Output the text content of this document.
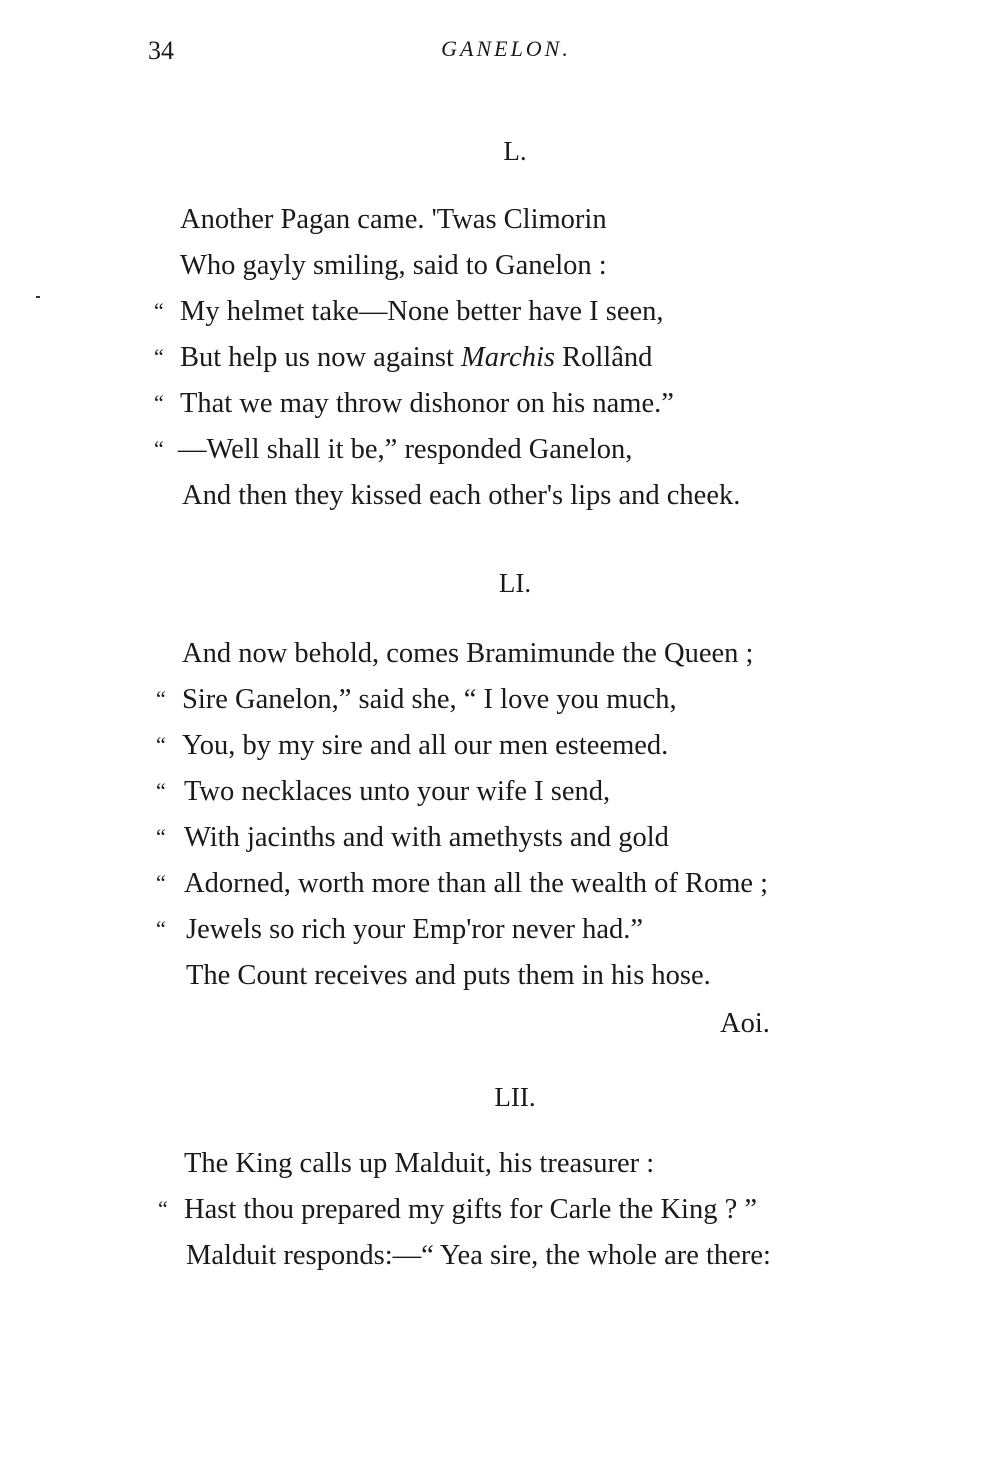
34	GANELON.
L.
Another Pagan came. 'Twas Climorin
Who gayly smiling, said to Ganelon :
“ My helmet take—None better have I seen,
“ But help us now against Marchis Rollând
“ That we may throw dishonor on his name.”
“ —Well shall it be,” responded Ganelon,
And then they kissed each other's lips and cheek.
LI.
And now behold, comes Bramimunde the Queen ;
“ Sire Ganelon,” said she, “ I love you much,
“ You, by my sire and all our men esteemed.
“ Two necklaces unto your wife I send,
“ With jacinths and with amethysts and gold
“ Adorned, worth more than all the wealth of Rome ;
“ Jewels so rich your Emp'ror never had.”
The Count receives and puts them in his hose.
Aoi.
LII.
The King calls up Malduit, his treasurer :
“ Hast thou prepared my gifts for Carle the King ? ”
Malduit responds:—“ Yea sire, the whole are there:
